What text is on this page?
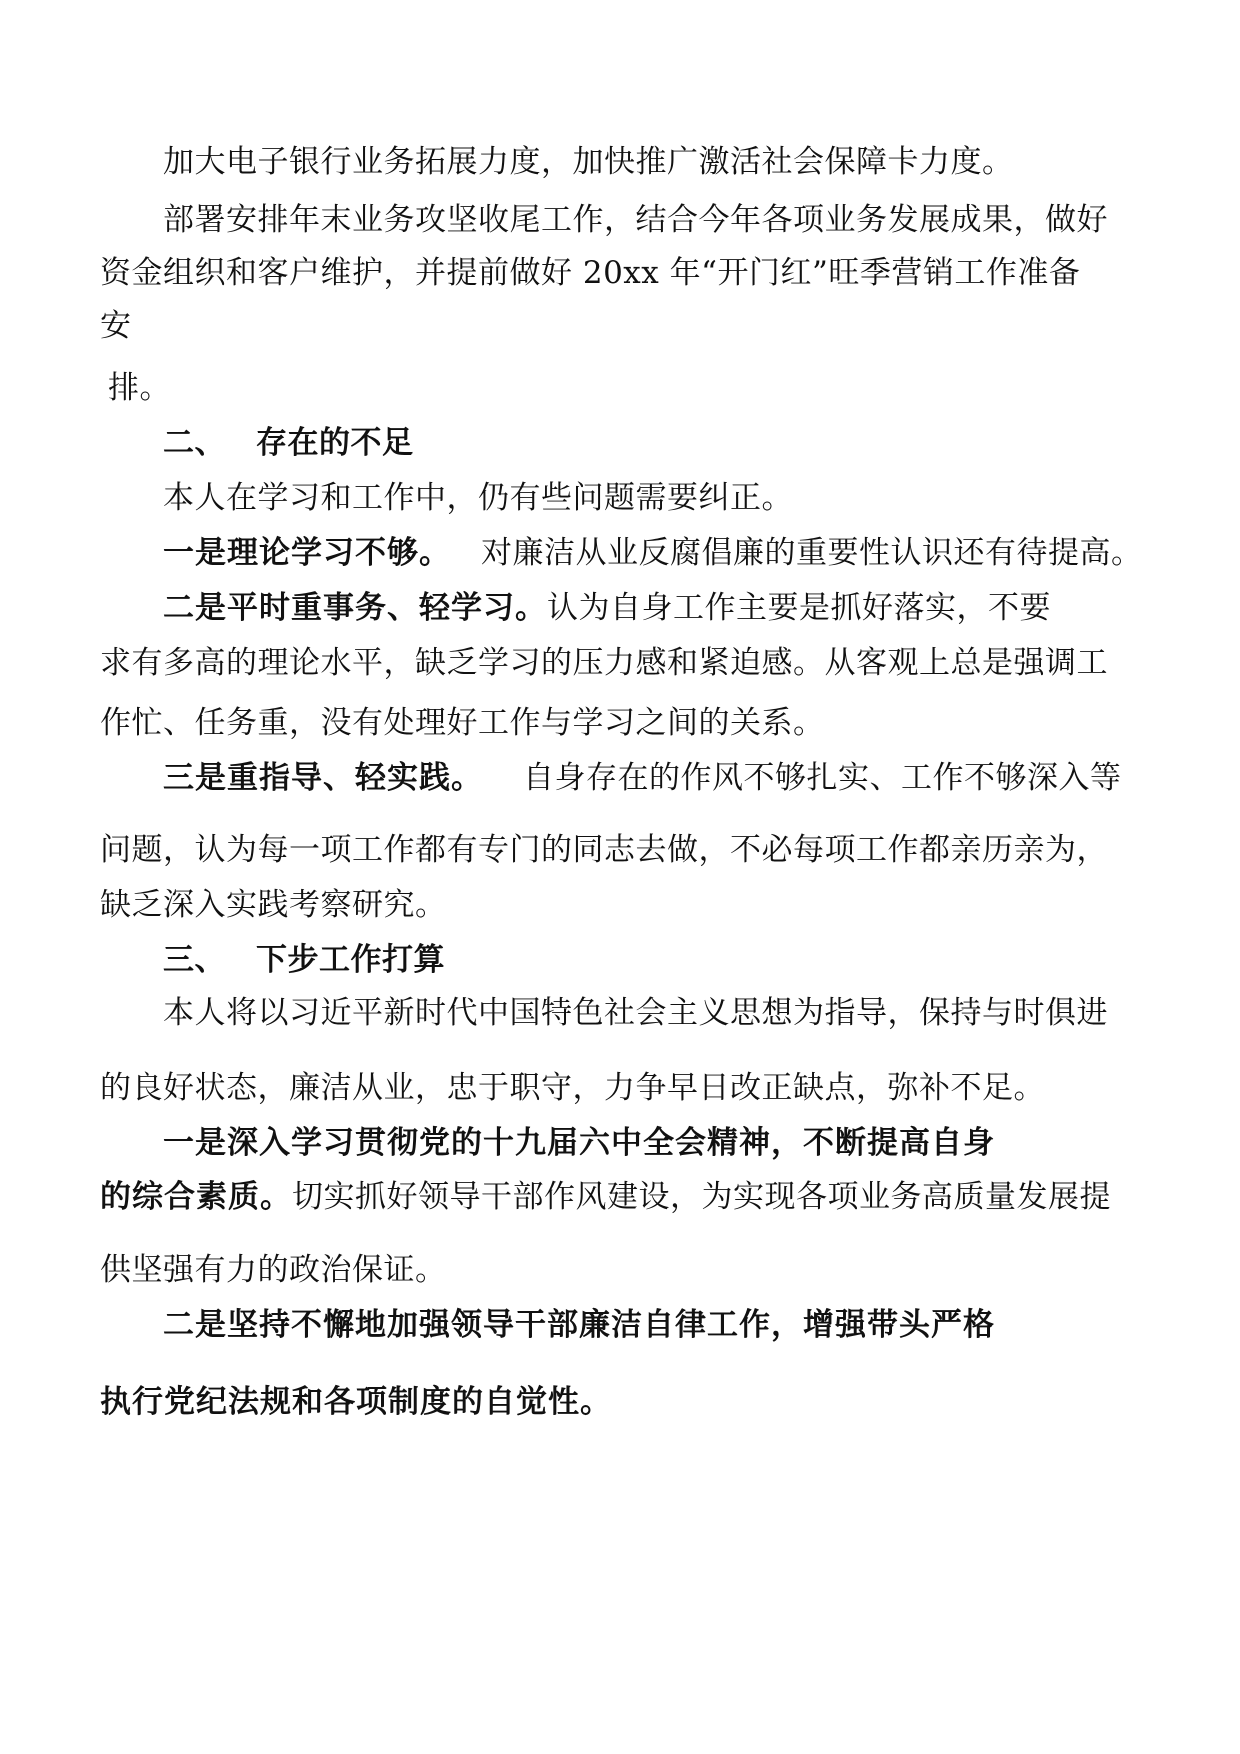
加大电子银行业务拓展力度，加快推广激活社会保障卡力度。
部署安排年末业务攻坚收尾工作，结合今年各项业务发展成果，做好
资金组织和客户维护，并提前做好 20xx 年“开门红”旺季营销工作准备
安
排。
二、 存在的不足
本人在学习和工作中，仍有些问题需要纠正。
一是理论学习不够。 对廉洁从业反腐倡廉的重要性认识还有待提高。
二是平时重事务、轻学习。认为自身工作主要是抓好落实，不要
求有多高的理论水平，缺乏学习的压力感和紧迫感。从客观上总是强调工
作忙、任务重，没有处理好工作与学习之间的关系。
三是重指导、轻实践。 自身存在的作风不够扎实、工作不够深入等
问题，认为每一项工作都有专门的同志去做，不必每项工作都亲历亲为，
缺乏深入实践考察研究。
三、 下步工作打算
本人将以习近平新时代中国特色社会主义思想为指导，保持与时俱进
的良好状态，廉洁从业，忠于职守，力争早日改正缺点，弥补不足。
一是深入学习贯彻党的十九届六中全会精神，不断提高自身
的综合素质。切实抓好领导干部作风建设，为实现各项业务高质量发展提
供坚强有力的政治保证。
二是坚持不懈地加强领导干部廉洁自律工作，增强带头严格
执行党纪法规和各项制度的自觉性。
